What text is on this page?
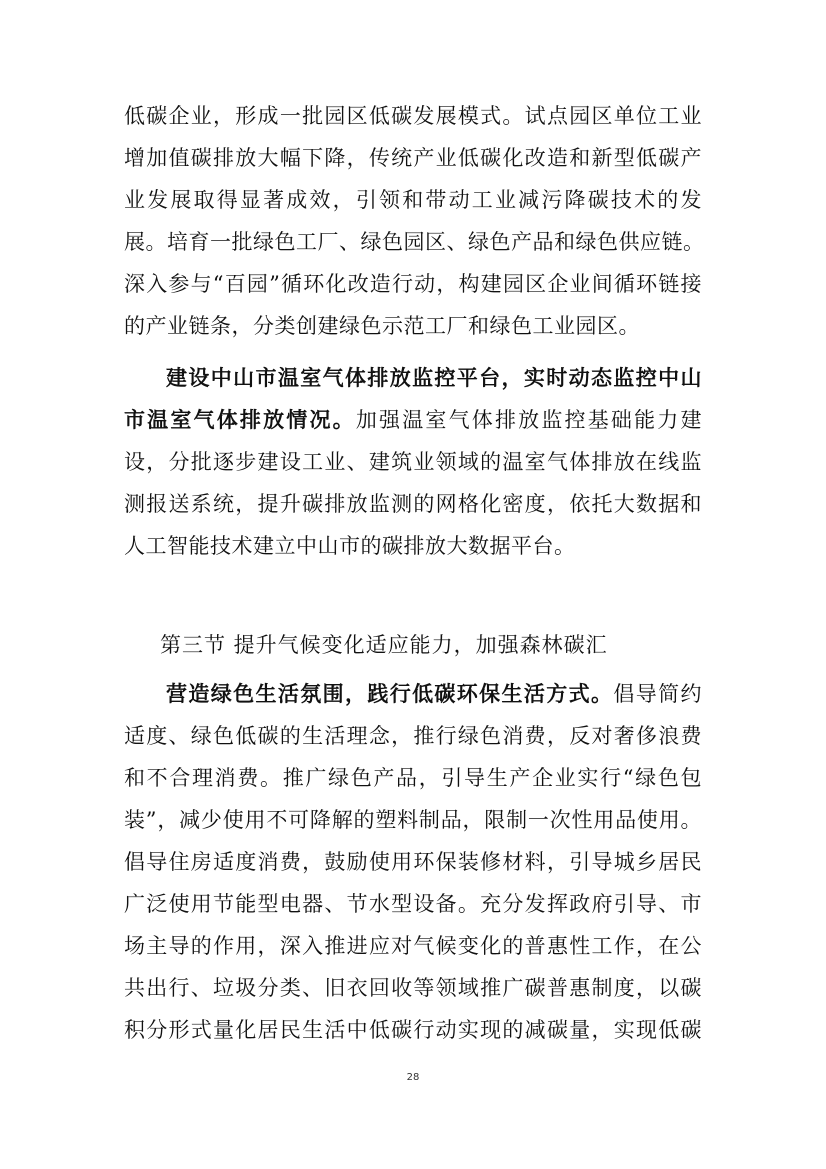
低碳企业，形成一批园区低碳发展模式。试点园区单位工业
增加值碳排放大幅下降，传统产业低碳化改造和新型低碳产
业发展取得显著成效，引领和带动工业减污降碳技术的发
展。培育一批绿色工厂、绿色园区、绿色产品和绿色供应链。
深入参与“百园”循环化改造行动，构建园区企业间循环链接
的产业链条，分类创建绿色示范工厂和绿色工业园区。
建设中山市温室气体排放监控平台，实时动态监控中山
市温室气体排放情况。加强温室气体排放监控基础能力建
设，分批逐步建设工业、建筑业领域的温室气体排放在线监
测报送系统，提升碳排放监测的网格化密度，依托大数据和
人工智能技术建立中山市的碳排放大数据平台。
第三节 提升气候变化适应能力，加强森林碳汇
营造绿色生活氛围，践行低碳环保生活方式。倡导简约
适度、绿色低碳的生活理念，推行绿色消费，反对奢侈浪费
和不合理消费。推广绿色产品，引导生产企业实行“绿色包
装”，减少使用不可降解的塑料制品，限制一次性用品使用。
倡导住房适度消费，鼓励使用环保装修材料，引导城乡居民
广泛使用节能型电器、节水型设备。充分发挥政府引导、市
场主导的作用，深入推进应对气候变化的普惠性工作，在公
共出行、垃圾分类、旧衣回收等领域推广碳普惠制度，以碳
积分形式量化居民生活中低碳行动实现的减碳量，实现低碳
28
